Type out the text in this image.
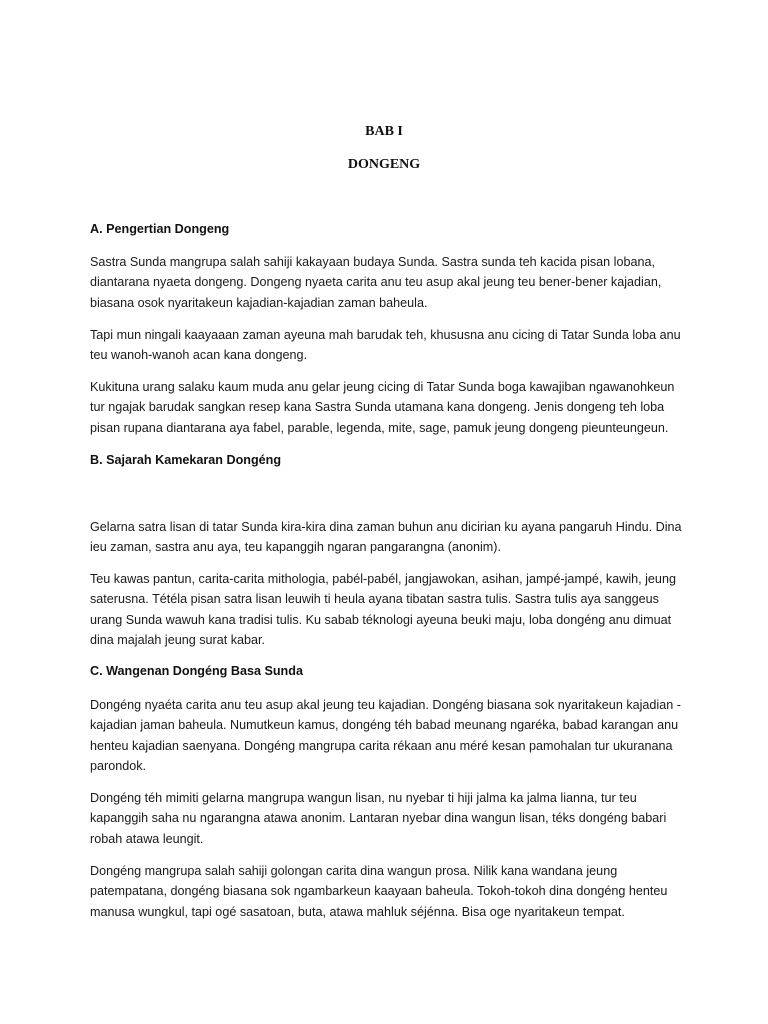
BAB I
DONGENG
A. Pengertian Dongeng
Sastra Sunda mangrupa salah sahiji kakayaan budaya Sunda. Sastra sunda teh kacida pisan lobana, diantarana nyaeta dongeng. Dongeng nyaeta carita anu teu asup akal jeung teu bener-bener kajadian, biasana osok nyaritakeun kajadian-kajadian zaman baheula.
Tapi mun ningali kaayaaan zaman ayeuna mah barudak teh, khususna anu cicing di Tatar Sunda loba anu teu wanoh-wanoh acan kana dongeng.
Kukituna urang salaku kaum muda anu gelar jeung cicing di Tatar Sunda boga kawajiban ngawanohkeun tur ngajak barudak sangkan resep kana Sastra Sunda utamana kana dongeng. Jenis dongeng teh loba pisan rupana diantarana aya fabel, parable, legenda, mite, sage, pamuk jeung dongeng pieunteungeun.
B. Sajarah Kamekaran Dongéng
Gelarna satra lisan di tatar Sunda kira-kira dina zaman buhun anu dicirian ku ayana pangaruh Hindu. Dina ieu zaman, sastra anu aya, teu kapanggih ngaran pangarangna (anonim).
Teu kawas pantun, carita-carita mithologia, pabél-pabél, jangjawokan, asihan, jampé-jampé, kawih, jeung saterusna. Tétéla pisan satra lisan leuwih ti heula ayana tibatan sastra tulis. Sastra tulis aya sanggeus urang Sunda wawuh kana tradisi tulis. Ku sabab téknologi ayeuna beuki maju, loba dongéng anu dimuat dina majalah jeung surat kabar.
C. Wangenan Dongéng Basa Sunda
Dongéng nyaéta carita anu teu asup akal jeung teu kajadian. Dongéng biasana sok nyaritakeun kajadian - kajadian jaman baheula. Numutkeun kamus, dongéng téh babad meunang ngaréka, babad karangan anu henteu kajadian saenyana. Dongéng mangrupa carita rékaan anu méré kesan pamohalan tur ukuranana parondok.
Dongéng téh mimiti gelarna mangrupa wangun lisan, nu nyebar ti hiji jalma ka jalma lianna, tur teu kapanggih saha nu ngarangna atawa anonim. Lantaran nyebar dina wangun lisan, téks dongéng babari robah atawa leungit.
Dongéng mangrupa salah sahiji golongan carita dina wangun prosa. Nilik kana wandana jeung patempatana, dongéng biasana sok ngambarkeun kaayaan baheula. Tokoh-tokoh dina dongéng henteu manusa wungkul, tapi ogé sasatoan, buta, atawa mahluk séjénna. Bisa oge nyaritakeun tempat.
